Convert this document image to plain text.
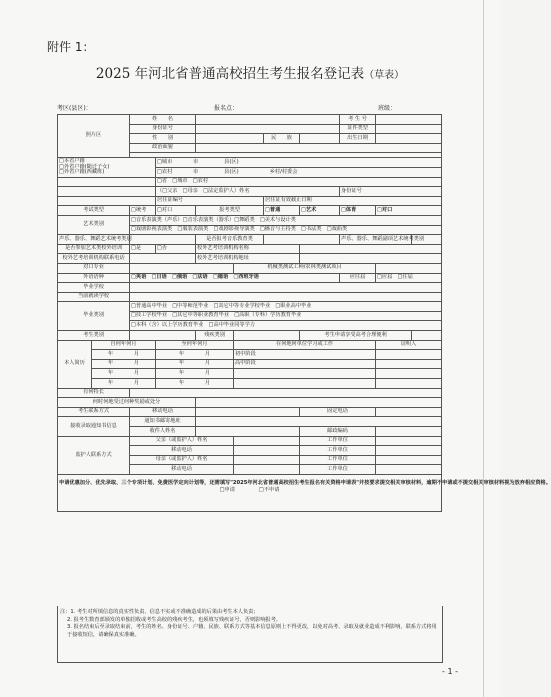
附件 1：
2025 年河北省普通高校招生考生报名登记表（草表）
考区(县区)：	报名点：	班级：
照片区		姓　　名						考 生 号		
		身份证号						证件类型		
		性　　别				民　　族		出生日期		
		政治面貌								

□本省户籍
□外省户籍(随迁子女)
□外省户籍(西藏班)			□城市　　　　市　　　　　县(区)							
			□农村　　　　市　　　　　县(区)　　　　　　乡村/村委会							
			□省　□城市　□农村							
			（□父亲　□母亲　□法定监护人）姓名					身份证号		
			居住证编号			居住证有效截止日期				
考试类型		□统考	□对口	报考类型		□普通	□艺术	□体育	□对口	
艺术类别		□音乐表演类（声乐）□音乐表演类（器乐）□舞蹈类　□美术与设计类								
		□戏剧影视表演类　□服装表演类　□戏剧影视导演类　□播音与主持类　□书法类　□戏曲类								
声乐、器乐、舞蹈艺术统考类别				是否报考音乐教育类				声乐、器乐、舞蹈副项艺术统考类别		
是否参加艺术类校外培训		□是	□否	校外艺考培训机构名称						
校外艺考培训机构联系电话				校外艺考培训机构地址						
对口专业					机械类测试工种/农林类测试项目					
外语语种		□英语　□日语　□俄语　□法语　□德语　□西班牙语						应往届	□应届　□往届	
毕业学校										
当前就读学校										
毕业类别		□普通高中毕业　□中等师范毕业　□其它中等专业学校毕业　□职业高中毕业								
		□技工学校毕业　□其它中等职业教育毕业　□高职（专科）学历教育毕业								
		□本科（含）以上学历教育毕业　□高中毕业同等学力								
考生类别				残疾类别			考生申请享受高考合理便利			
本人简历	自何年何月		至何年何月		在何地何单位学习或工作				证明人	
	年　　　　月		年　　　　月		初中阶段					
	年　　　　月		年　　　　月		高中阶段					
	年　　　　月		年　　　　月							
	年　　　　月		年　　　　月							
有何特长										
何时何地受过何种奖励或处分										
考生联系方式		移动电话					固定电话			
接收录取通知书信息		通知书邮寄地址								
		收件人姓名					邮政编码			
监护人联系方式		父亲（或监护人）姓名					工作单位			
		移动电话					工作单位			
		母亲（或监护人）姓名					工作单位			
		移动电话					工作单位			
申请优惠加分、优先录取、三个专项计划、免费医学定向计划等，还需填写"2025年河北省普通高校招生考生报名有关资格申请表"并按要求提交相关审核材料，逾期不申请或不提交相关审核材料视为放弃相应资格。
□申请 □不申请										
注：1. 考生对所填信息的真实性负责，信息不实或不准确造成的后果由考生本人负责；
2. 报考生数育部颁发的单独招收或考生高校的残疾考生，也须填写残疾证号，否则影响报考。
3. 报名结束后至录取结束前，考生的姓名、身份证号、户籍、民族、联系方式等基本信息原则上不得更改，以免对高考、录取及就业造成不利影响，联系方式将用于接收短信，请确保真实准确。
- 1 -
